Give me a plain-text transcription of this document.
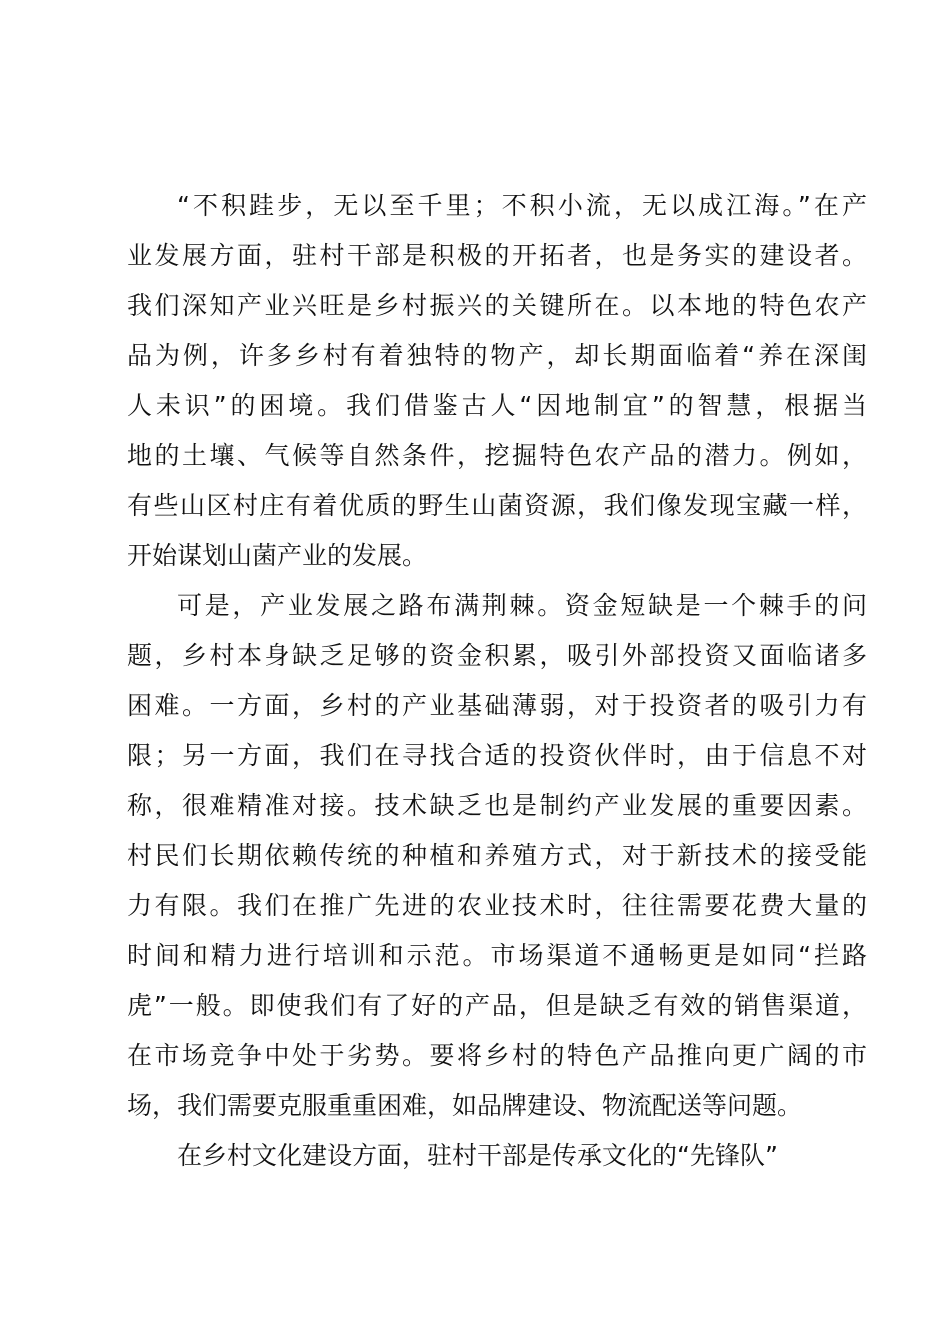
“不积跬步，无以至千里；不积小流，无以成江海。”在产
业发展方面，驻村干部是积极的开拓者，也是务实的建设者。
我们深知产业兴旺是乡村振兴的关键所在。以本地的特色农产
品为例，许多乡村有着独特的物产，却长期面临着“养在深闺
人未识”的困境。我们借鉴古人“因地制宜”的智慧，根据当
地的土壤、气候等自然条件，挖掘特色农产品的潜力。例如，
有些山区村庄有着优质的野生山菌资源，我们像发现宝藏一样，
开始谋划山菌产业的发展。
可是，产业发展之路布满荆棘。资金短缺是一个棘手的问
题，乡村本身缺乏足够的资金积累，吸引外部投资又面临诸多
困难。一方面，乡村的产业基础薄弱，对于投资者的吸引力有
限；另一方面，我们在寻找合适的投资伙伴时，由于信息不对
称，很难精准对接。技术缺乏也是制约产业发展的重要因素。
村民们长期依赖传统的种植和养殖方式，对于新技术的接受能
力有限。我们在推广先进的农业技术时，往往需要花费大量的
时间和精力进行培训和示范。市场渠道不通畅更是如同“拦路
虎”一般。即使我们有了好的产品，但是缺乏有效的销售渠道，
在市场竞争中处于劣势。要将乡村的特色产品推向更广阔的市
场，我们需要克服重重困难，如品牌建设、物流配送等问题。
在乡村文化建设方面，驻村干部是传承文化的“先锋队”
